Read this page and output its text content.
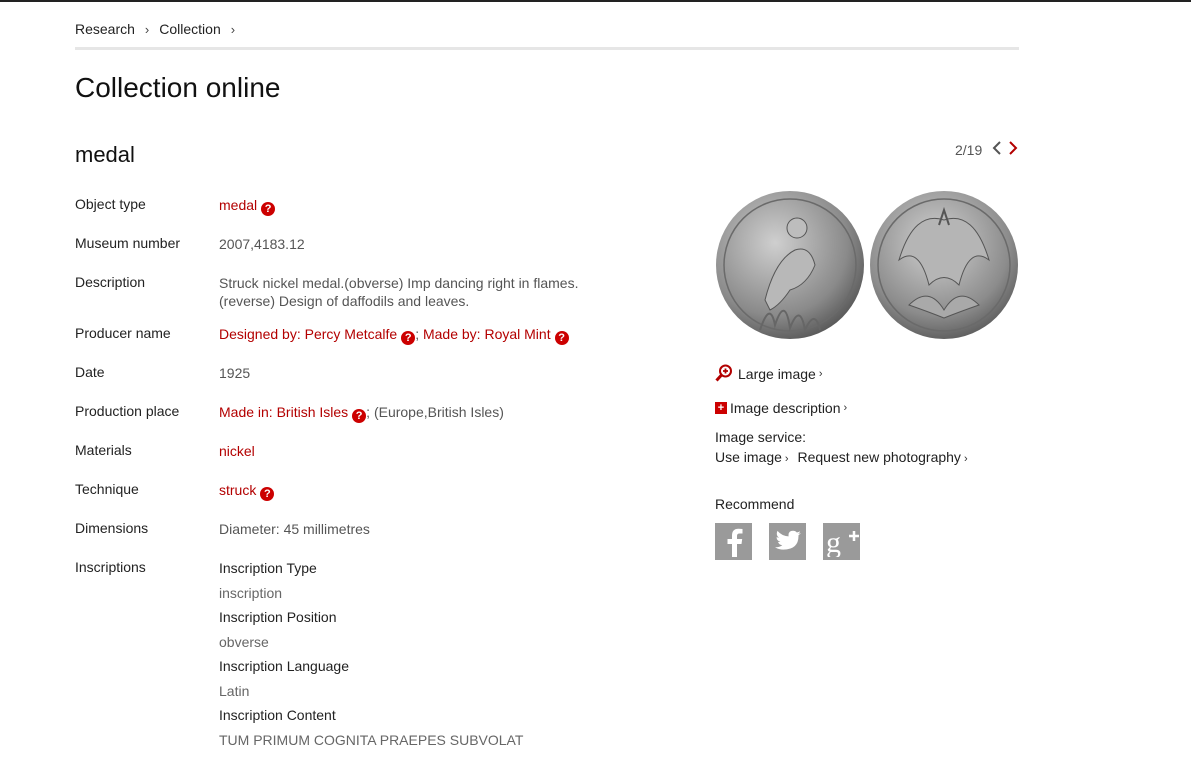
Research › Collection ›
Collection online
medal	2/19
Object type	medal ?
Museum number	2007,4183.12
Description	Struck nickel medal.(obverse) Imp dancing right in flames.
(reverse) Design of daffodils and leaves.
Producer name	Designed by: Percy Metcalfe ? ; Made by: Royal Mint ?
Date	1925
Production place	Made in: British Isles ? ; (Europe,British Isles)
Materials	nickel
Technique	struck ?
Dimensions	Diameter: 45 millimetres
Inscriptions	Inscription Type
inscription
Inscription Position
obverse
Inscription Language
Latin
Inscription Content
TUM PRIMUM COGNITA PRAEPES SUBVOLAT
Large image ›
+ Image description ›
Image service:
Use image › Request new photography ›
Recommend
g
